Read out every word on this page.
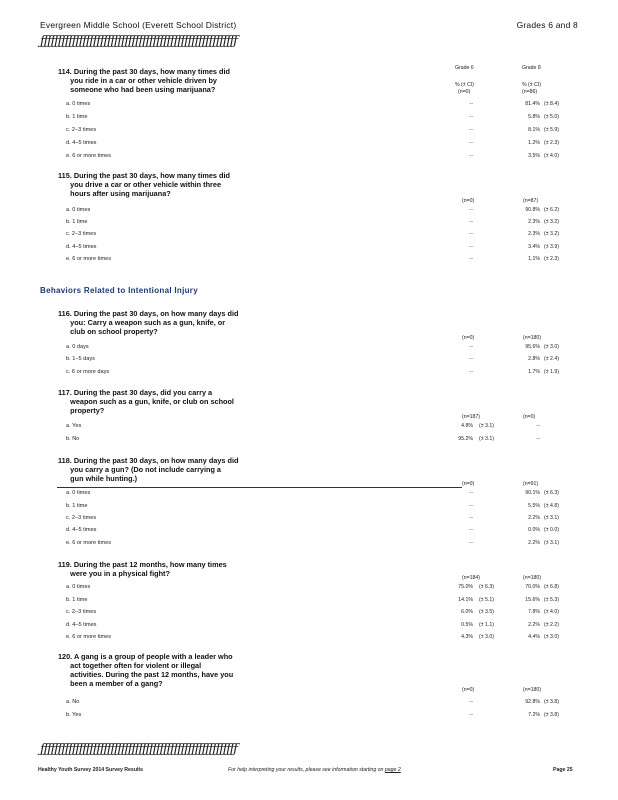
Evergreen Middle School (Everett School District)	Grades 6 and 8
ƒƒƒƒƒƒƒƒƒƒƒƒƒƒƒƒƒƒƒƒƒƒƒƒƒƒƒƒƒƒƒƒƒƒƒƒƒƒƒƒƒƒƒƒƒƒƒƒƒƒƒƒƒƒƒƒ
Grade 6	Grade 8
% (± CI)	% (± CI)
Behaviors Related to Intentional Injury
114. During the past 30 days, how many times did
you ride in a car or other vehicle driven by
someone who had been using marijuana?	(n=0)	(n=86)
a. 0 times	--	81.4% (± 8.4)
b. 1 time	--	5.8% (± 5.0)
c. 2–3 times	--	8.1% (± 5.9)
d. 4–5 times	--	1.2% (± 2.3)
e. 6 or more times	--	3.5% (± 4.0)
115. During the past 30 days, how many times did
you drive a car or other vehicle within three
hours after using marijuana?
(n=0)	(n=87)
a. 0 times	--	90.8% (± 6.2)
b. 1 time	--	2.3% (± 3.2)
c. 2–3 times	--	2.3% (± 3.2)
d. 4–5 times	--	3.4% (± 3.9)
e. 6 or more times	--	1.1% (± 2.3)
116. During the past 30 days, on how many days did
you: Carry a weapon such as a gun, knife, or
club on school property?
(n=0)	(n=180)
a. 0 days	--	95.6% (± 3.0)
b. 1–5 days	--	2.8% (± 2.4)
c. 6 or more days	--	1.7% (± 1.9)
117. During the past 30 days, did you carry a
weapon such as a gun, knife, or club on school
property?
(n=187)	(n=0)
a. Yes	4.8% (± 3.1)	--
b. No	95.2% (± 3.1)	--
118. During the past 30 days, on how many days did
you carry a gun? (Do not include carrying a
gun while hunting.)
(n=0)	(n=91)
a. 0 times	--	90.1% (± 6.3)
b. 1 time	--	5.5% (± 4.8)
c. 2–3 times	--	2.2% (± 3.1)
d. 4–5 times	--	0.0% (± 0.0)
e. 6 or more times	--	2.2% (± 3.1)
119. During the past 12 months, how many times
were you in a physical fight?
(n=184)	(n=180)
a. 0 times	75.0% (± 6.3)	70.0% (± 6.8)
b. 1 time	14.1% (± 5.1)	15.6% (± 5.3)
c. 2–3 times	6.0% (± 3.5)	7.8% (± 4.0)
d. 4–5 times	0.5% (± 1.1)	2.2% (± 2.2)
e. 6 or more times	4.3% (± 3.0)	4.4% (± 3.0)
120. A gang is a group of people with a leader who
act together often for violent or illegal
activities. During the past 12 months, have you
been a member of a gang?
(n=0)	(n=180)
a. No	--	92.8% (± 3.8)
b. Yes	--	7.2% (± 3.8)
ƒƒƒƒƒƒƒƒƒƒƒƒƒƒƒƒƒƒƒƒƒƒƒƒƒƒƒƒƒƒƒƒƒƒƒƒƒƒƒƒƒƒƒƒƒƒƒƒƒƒƒƒƒƒƒƒ
Healthy Youth Survey 2014 Survey Results	For help interpreting your results, please see information starting on page 2	Page 25
